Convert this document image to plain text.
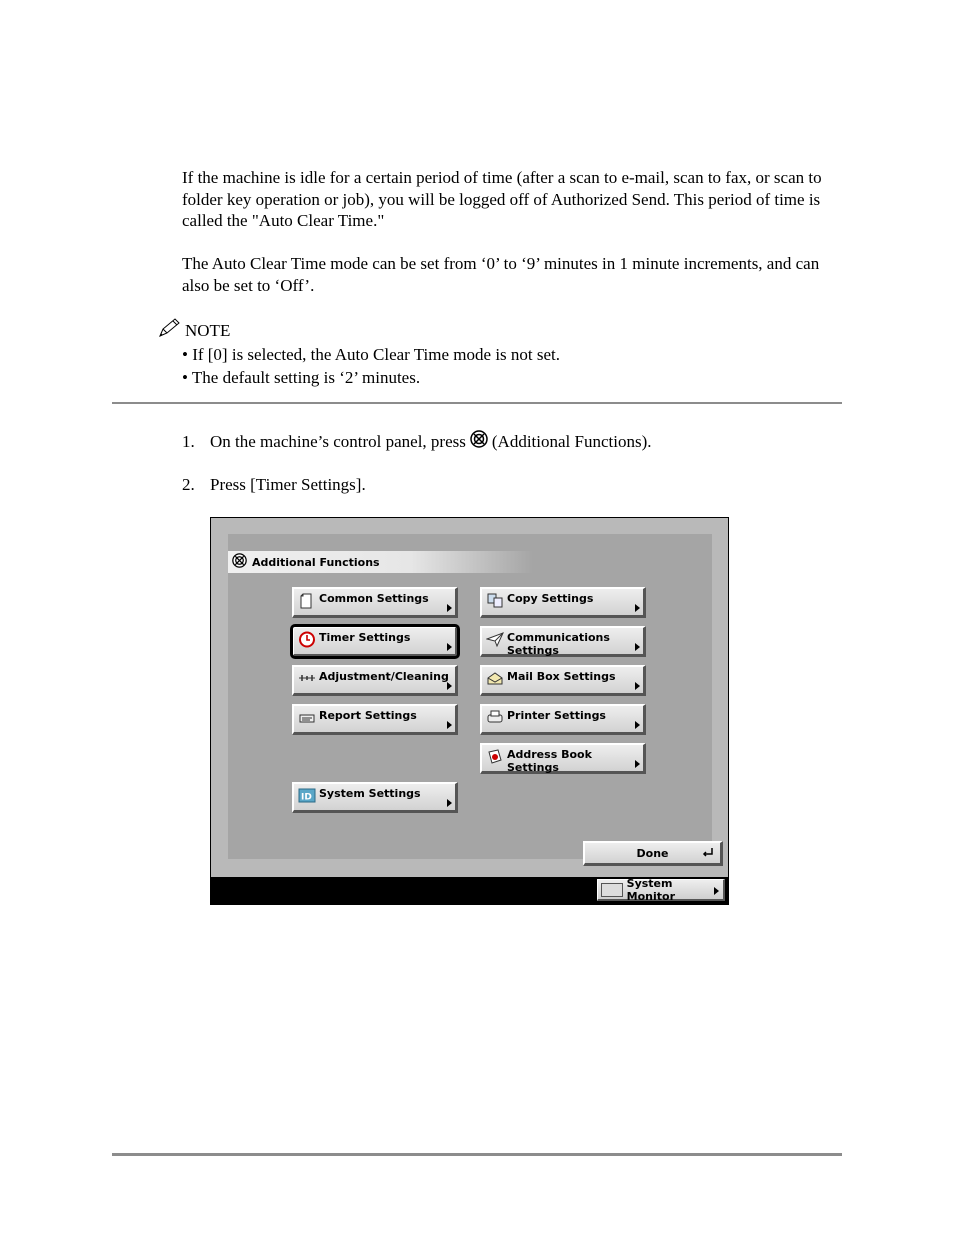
If the machine is idle for a certain period of time (after a scan to e-mail, scan to fax, or scan to folder key operation or job), you will be logged off of Authorized Send. This period of time is called the "Auto Clear Time."

The Auto Clear Time mode can be set from ‘0’ to ‘9’ minutes in 1 minute increments, and can also be set to ‘Off’.

NOTE
• If [0] is selected, the Auto Clear Time mode is not set.
• The default setting is ‘2’ minutes.
1. On the machine’s control panel, press (Additional Functions).
2. Press [Timer Settings].
Additional Functions
Common Settings
Timer Settings
Adjustment/Cleaning
Report Settings
ID System Settings
Copy Settings
Communications
Settings
Mail Box Settings
Printer Settings
Address Book Settings
Done
System Monitor
